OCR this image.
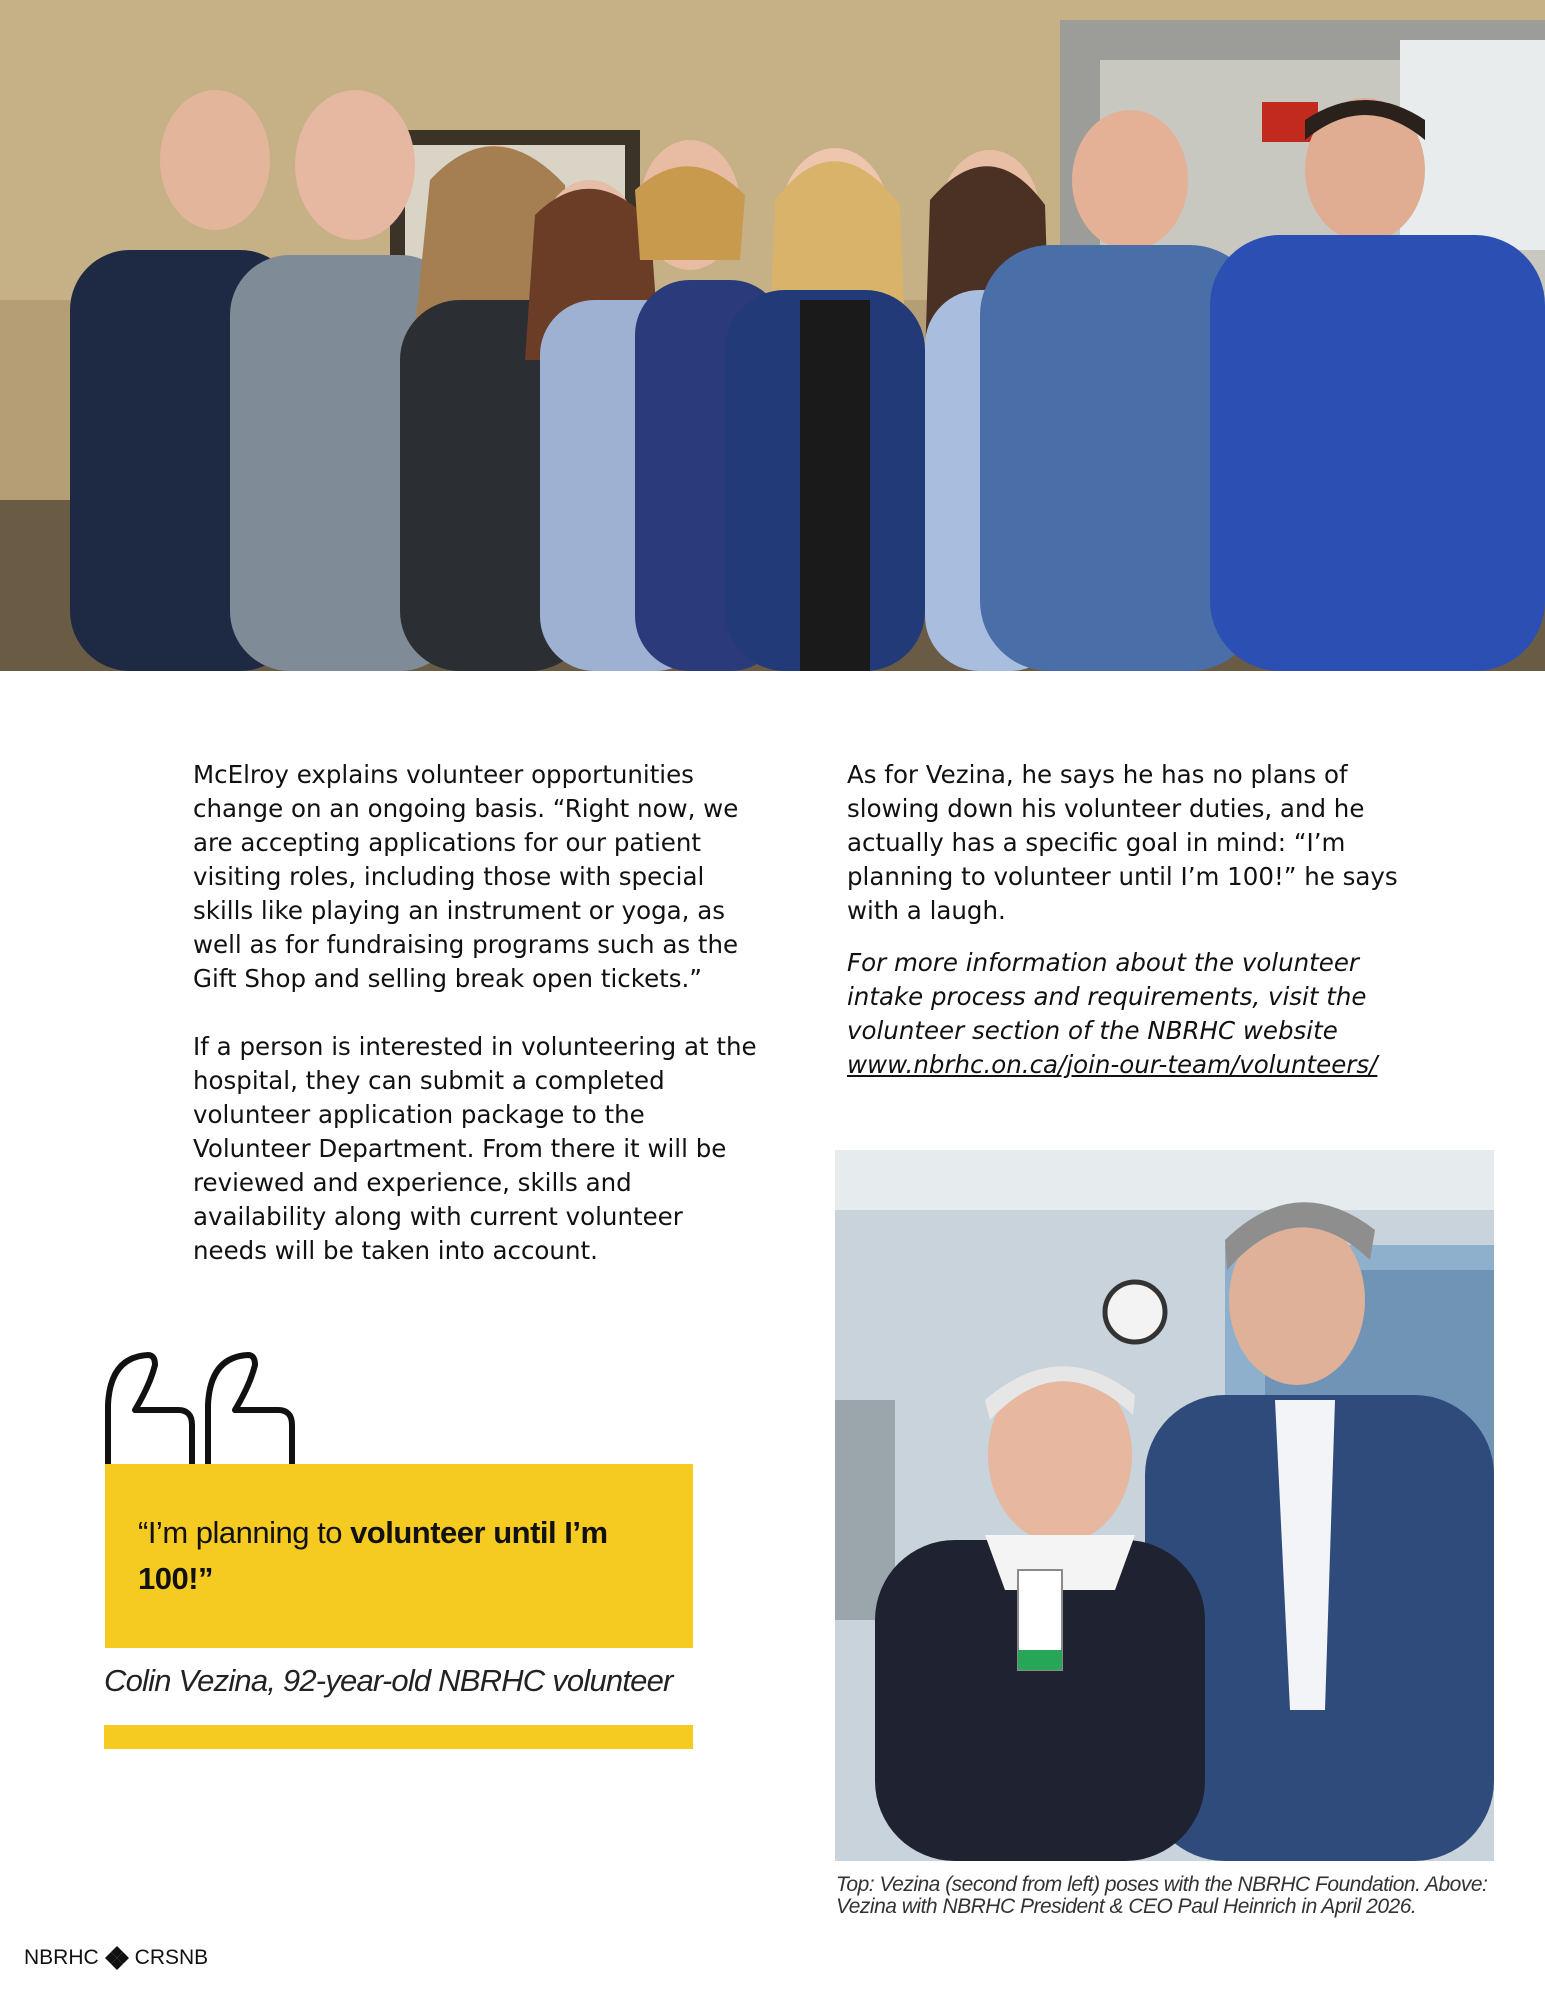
McElroy explains volunteer opportunities change on an ongoing basis. “Right now, we are accepting applications for our patient visiting roles, including those with special skills like playing an instrument or yoga, as well as for fundraising programs such as the Gift Shop and selling break open tickets.”

If a person is interested in volunteering at the hospital, they can submit a completed volunteer application package to the Volunteer Department. From there it will be reviewed and experience, skills and availability along with current volunteer needs will be taken into account.

As for Vezina, he says he has no plans of slowing down his volunteer duties, and he actually has a specific goal in mind: “I’m planning to volunteer until I’m 100!” he says with a laugh.

For more information about the volunteer intake process and requirements, visit the volunteer section of the NBRHC website
www.nbrhc.on.ca/join-our-team/volunteers/
“I’m planning to volunteer until I’m 100!”
Colin Vezina, 92-year-old NBRHC volunteer
Top: Vezina (second from left) poses with the NBRHC Foundation. Above: Vezina with NBRHC President & CEO Paul Heinrich in April 2026.
NBRHC CRSNB
